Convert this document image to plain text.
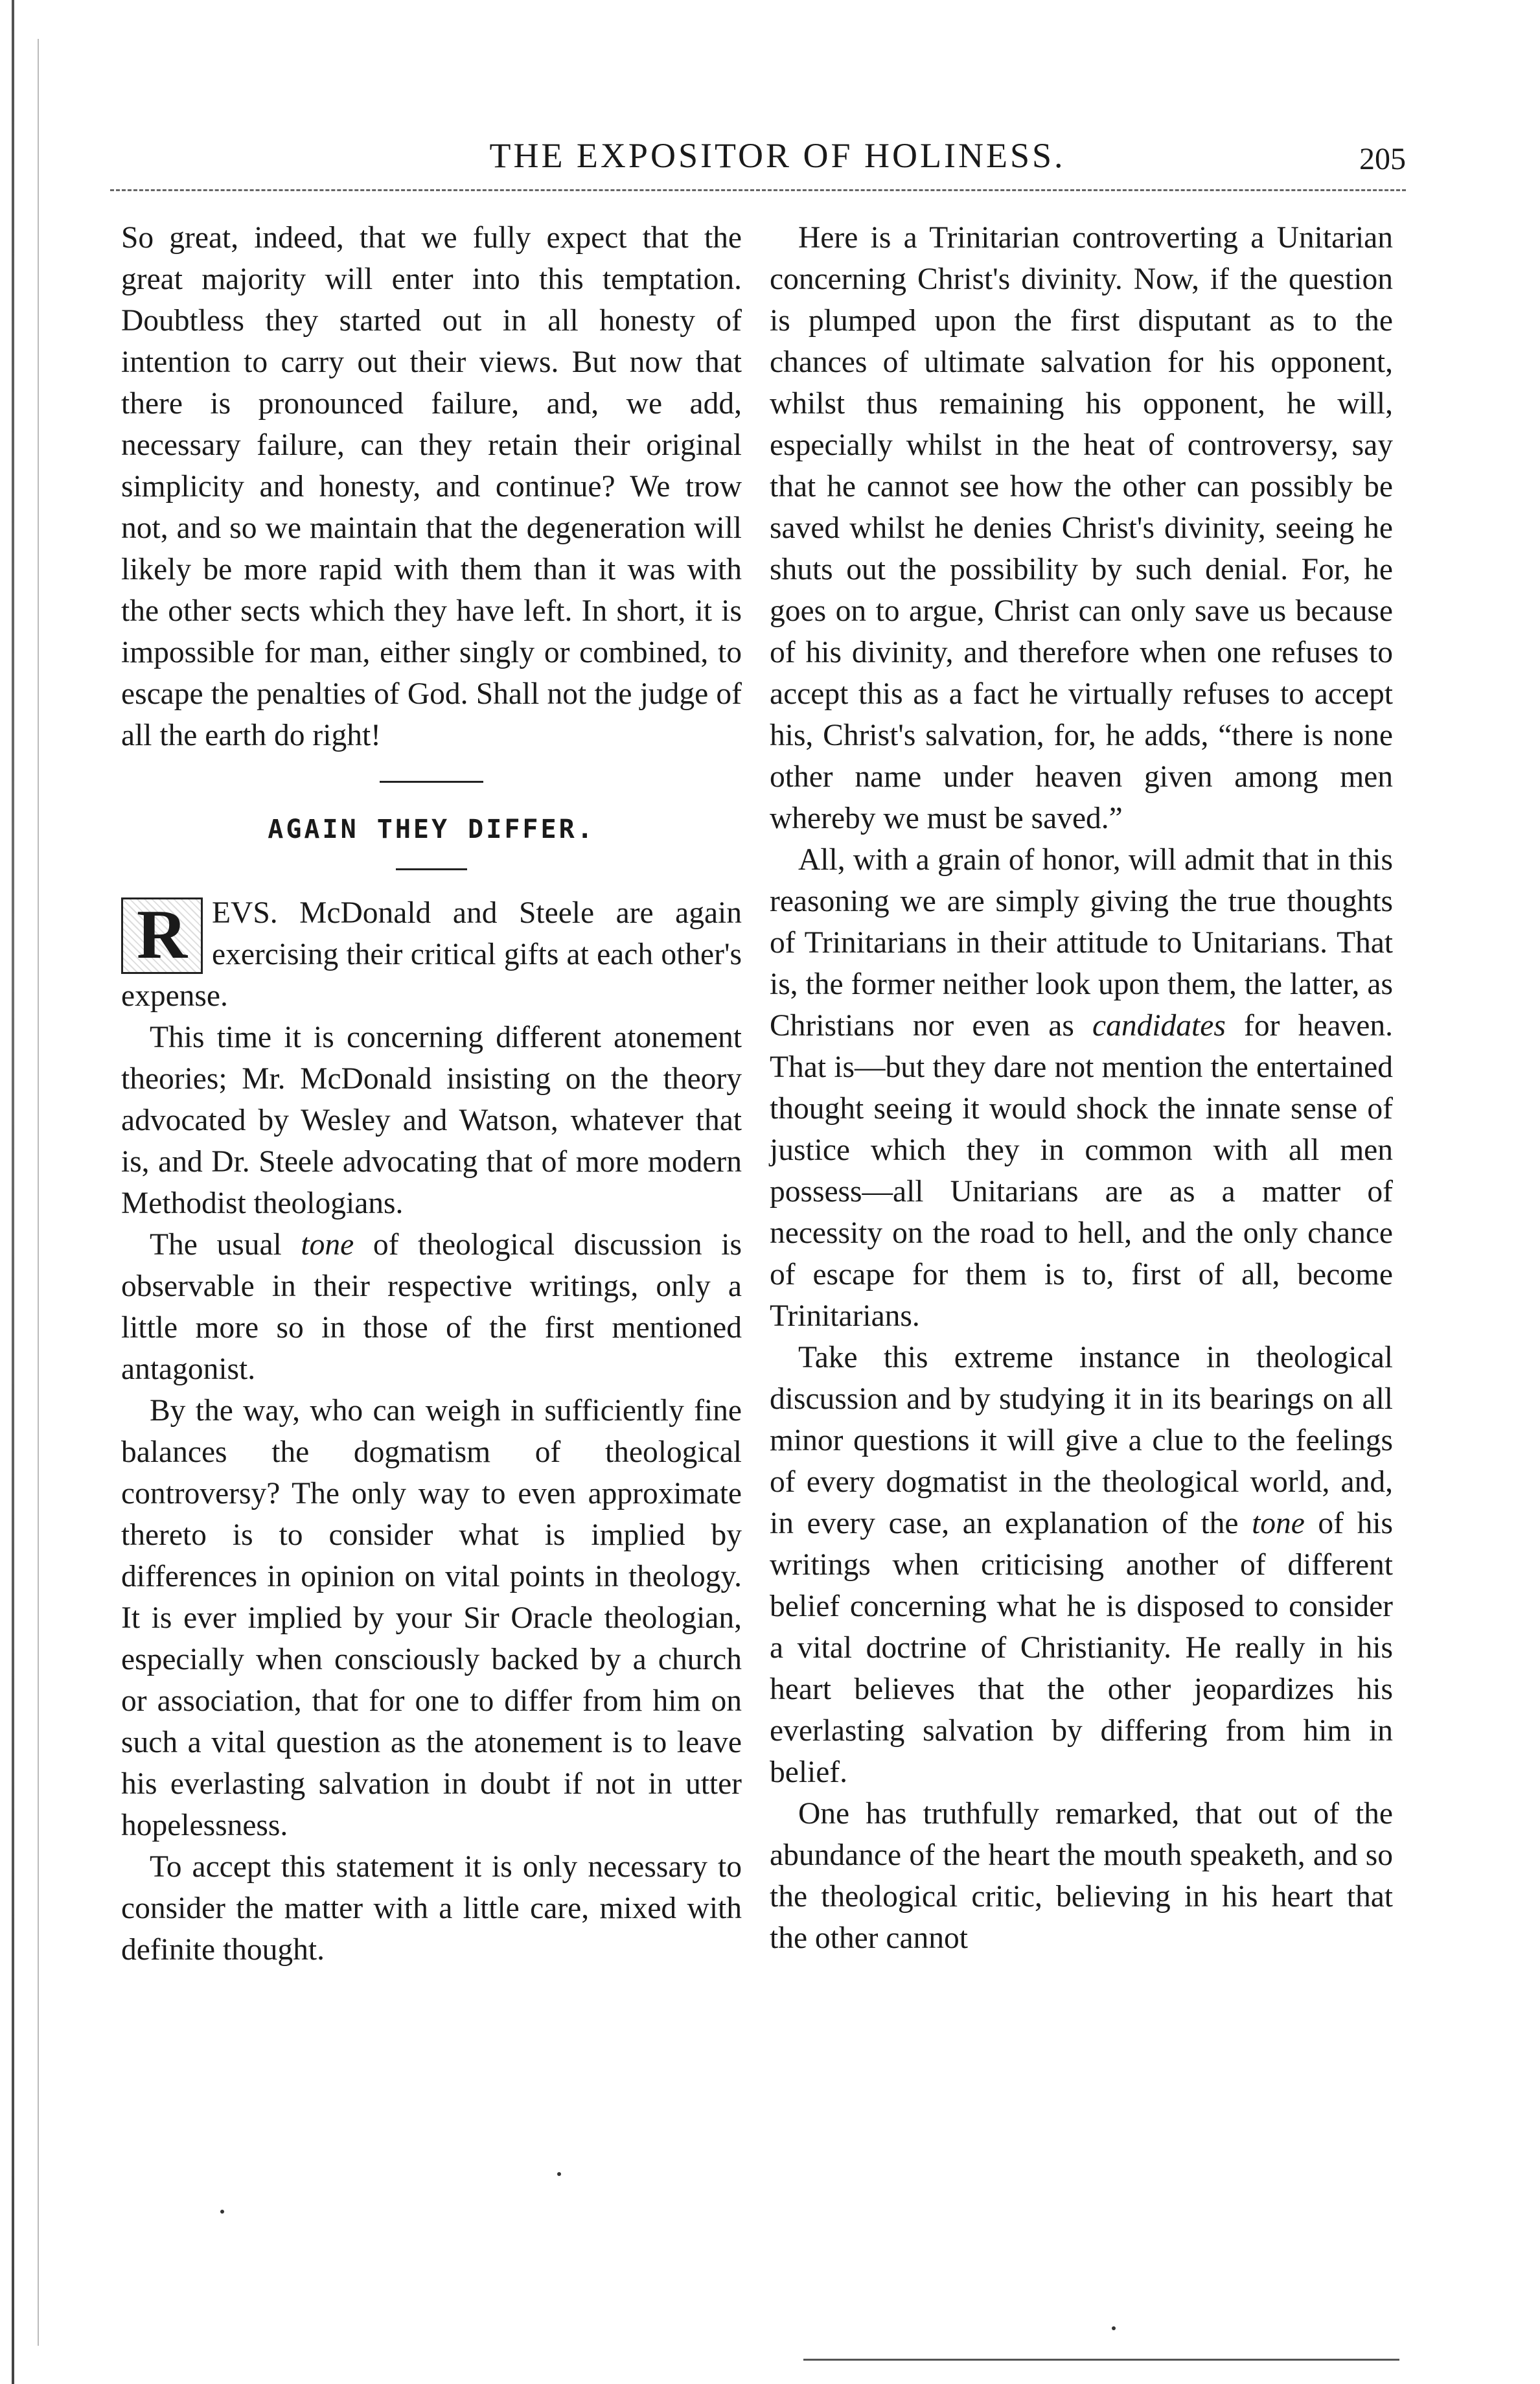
THE EXPOSITOR OF HOLINESS.	205

So great, indeed, that we fully expect that the great majority will enter into this temptation. Doubtless they started out in all honesty of intention to carry out their views. But now that there is pronounced failure, and, we add, necessary failure, can they retain their original simplicity and honesty, and continue? We trow not, and so we maintain that the degeneration will likely be more rapid with them than it was with the other sects which they have left. In short, it is impossible for man, either singly or combined, to escape the penalties of God. Shall not the judge of all the earth do right!

AGAIN THEY DIFFER.

R EVS. McDonald and Steele are again exercising their critical gifts at each other's expense.

This time it is concerning different atonement theories; Mr. McDonald insisting on the theory advocated by Wesley and Watson, whatever that is, and Dr. Steele advocating that of more modern Methodist theologians.

The usual tone of theological discussion is observable in their respective writings, only a little more so in those of the first mentioned antagonist.

By the way, who can weigh in sufficiently fine balances the dogmatism of theological controversy? The only way to even approximate thereto is to consider what is implied by differences in opinion on vital points in theology. It is ever implied by your Sir Oracle theologian, especially when consciously backed by a church or association, that for one to differ from him on such a vital question as the atonement is to leave his everlasting salvation in doubt if not in utter hopelessness.

To accept this statement it is only necessary to consider the matter with a little care, mixed with definite thought.

Here is a Trinitarian controverting a Unitarian concerning Christ's divinity. Now, if the question is plumped upon the first disputant as to the chances of ultimate salvation for his opponent, whilst thus remaining his opponent, he will, especially whilst in the heat of controversy, say that he cannot see how the other can possibly be saved whilst he denies Christ's divinity, seeing he shuts out the possibility by such denial. For, he goes on to argue, Christ can only save us because of his divinity, and therefore when one refuses to accept this as a fact he virtually refuses to accept his, Christ's salvation, for, he adds, “there is none other name under heaven given among men whereby we must be saved.”

All, with a grain of honor, will admit that in this reasoning we are simply giving the true thoughts of Trinitarians in their attitude to Unitarians. That is, the former neither look upon them, the latter, as Christians nor even as candidates for heaven. That is—but they dare not mention the entertained thought seeing it would shock the innate sense of justice which they in common with all men possess—all Unitarians are as a matter of necessity on the road to hell, and the only chance of escape for them is to, first of all, become Trinitarians.

Take this extreme instance in theological discussion and by studying it in its bearings on all minor questions it will give a clue to the feelings of every dogmatist in the theological world, and, in every case, an explanation of the tone of his writings when criticising another of different belief concerning what he is disposed to consider a vital doctrine of Christianity. He really in his heart believes that the other jeopardizes his everlasting salvation by differing from him in belief.

One has truthfully remarked, that out of the abundance of the heart the mouth speaketh, and so the theological critic, believing in his heart that the other cannot
